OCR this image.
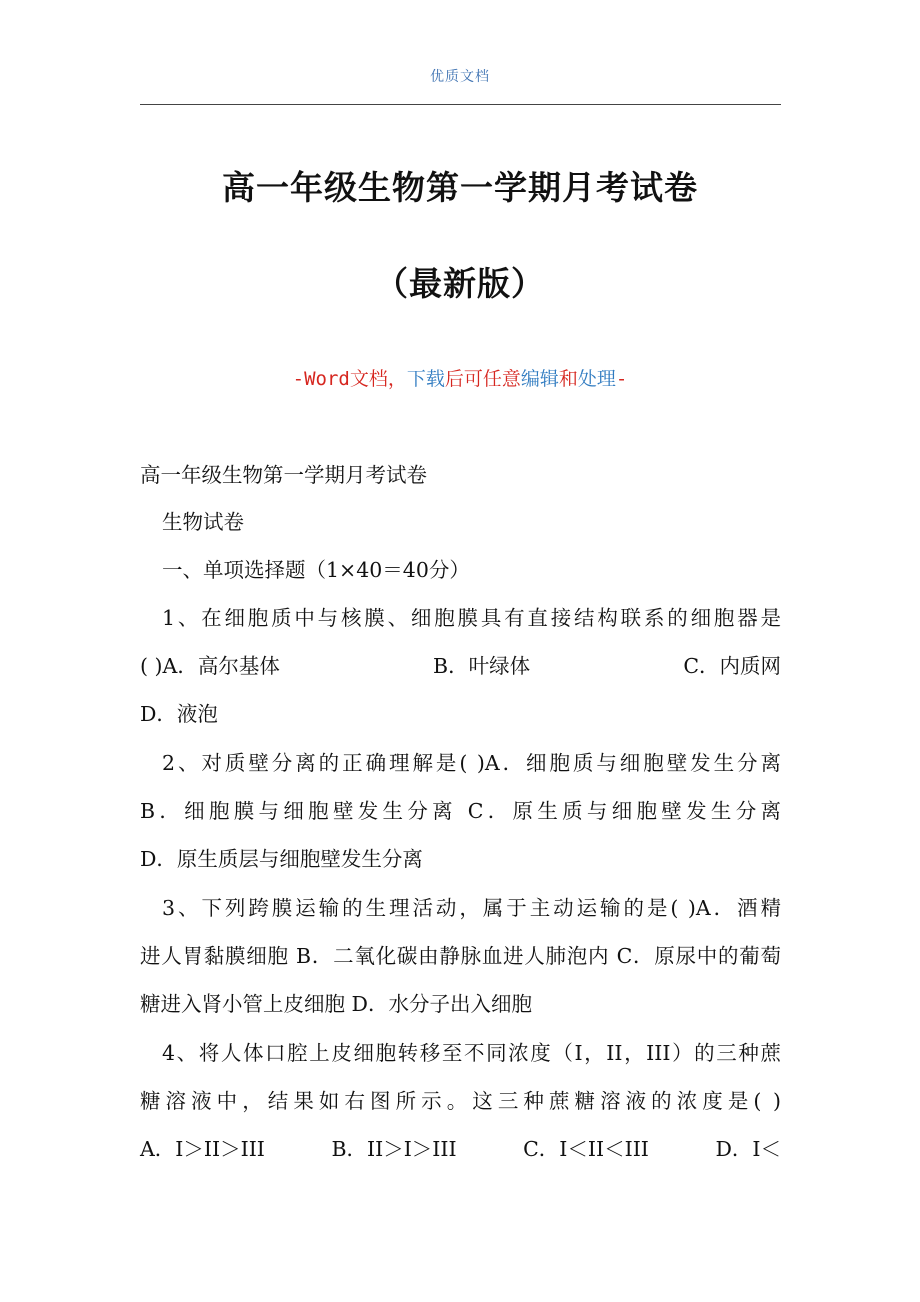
优质文档
高一年级生物第一学期月考试卷
（最新版）
-Word文档，下载后可任意编辑和处理-
高一年级生物第一学期月考试卷
生物试卷
一、单项选择题（1×40＝40分）
1、在细胞质中与核膜、细胞膜具有直接结构联系的细胞器是
( )A．高尔基体	B．叶绿体	C．内质网
D．液泡
2、对质壁分离的正确理解是( )A．细胞质与细胞壁发生分离
B．细胞膜与细胞壁发生分离 C．原生质与细胞壁发生分离
D．原生质层与细胞壁发生分离
3、下列跨膜运输的生理活动，属于主动运输的是( )A．酒精
进人胃黏膜细胞 B．二氧化碳由静脉血进人肺泡内 C．原尿中的葡萄
糖进入肾小管上皮细胞 D．水分子出入细胞
4、将人体口腔上皮细胞转移至不同浓度（I，II，III）的三种蔗
糖溶液中，结果如右图所示。这三种蔗糖溶液的浓度是( )
A．I＞II＞III	B．II＞I＞III	C．I＜II＜III	D．I＜
